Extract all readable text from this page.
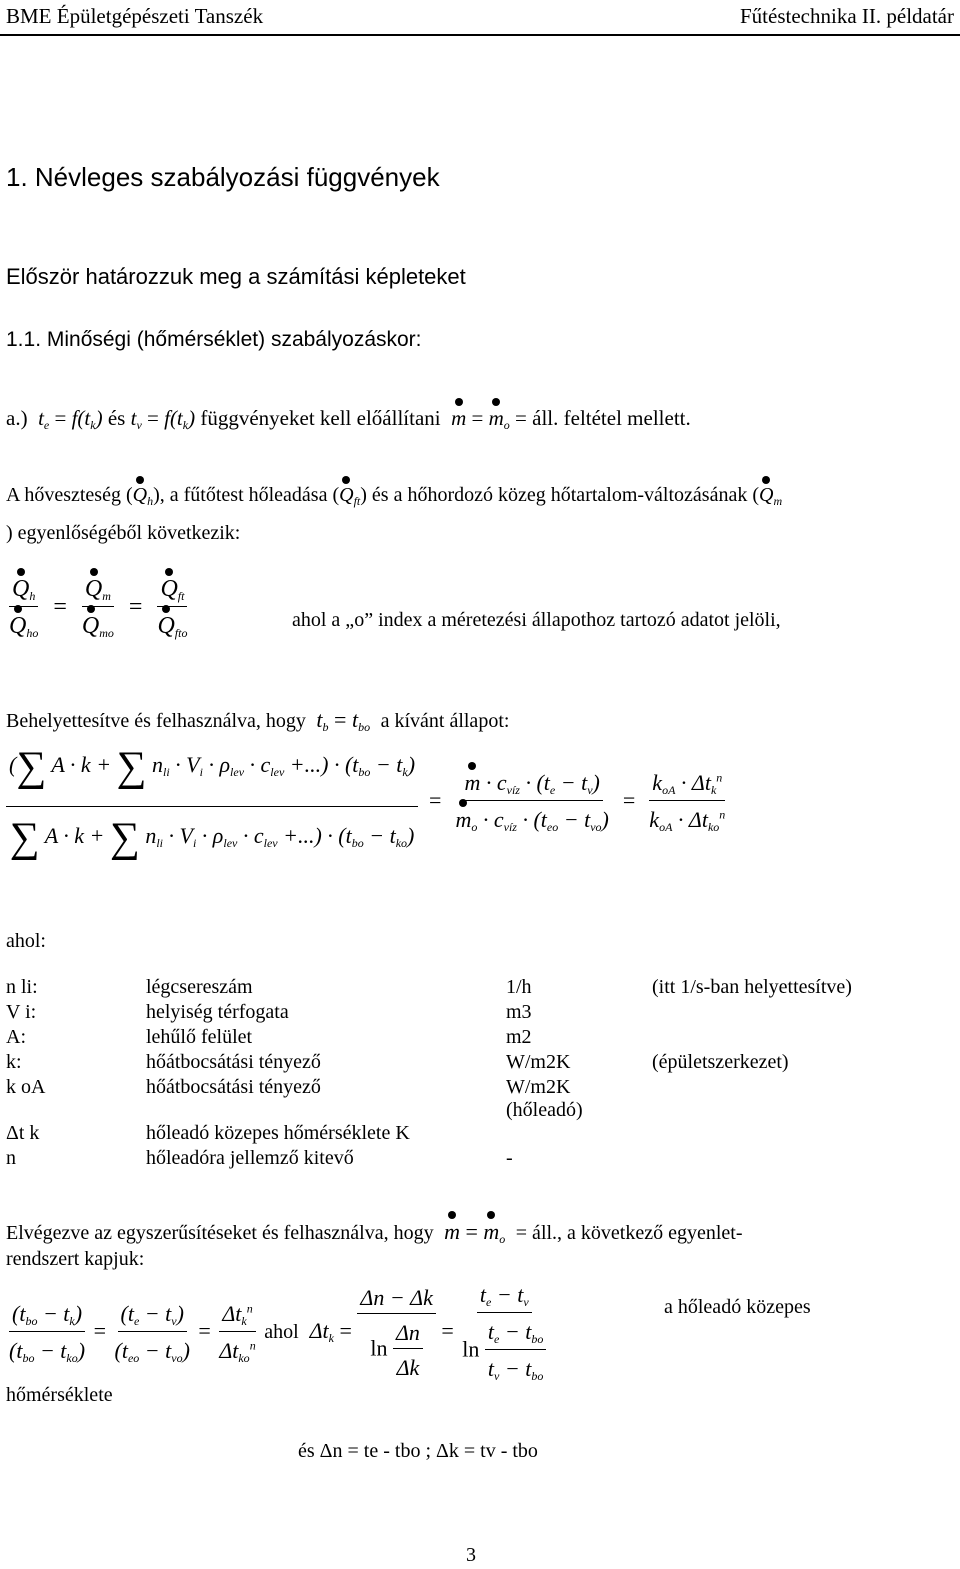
BME Épületgépészeti Tanszék	Fűtéstechnika II. példatár
1. Névleges szabályozási függvények
Először határozzuk meg a számítási képleteket
1.1. Minőségi (hőmérséklet) szabályozáskor:
a.)  $t_e = f(t_k)$ és $t_v = f(t_k)$ függvényeket kell előállítani $m = m_o$ = áll. feltétel mellett.
A hőveszteség $(Q_h)$, a fűtőtest hőleadása $(Q_{ft})$ és a hőhordozó közeg hőtartalom-változásának ($Q_m$
) egyenlőségéből következik:
$\frac{Q_h}{Q_{ho}} = \frac{Q_m}{Q_{mo}} = \frac{Q_{ft}}{Q_{fto}}$	ahol a „o” index a méretezési állapothoz tartozó adatot jelöli,
Behelyettesítve és felhasználva, hogy  $t_b = t_{bo}$ a kívánt állapot:
$\frac{(\sum A \cdot k + \sum n_{li} \cdot V_i \cdot \rho_{lev} \cdot c_{lev} +...) \cdot (t_{bo} - t_k)}{\sum A \cdot k + \sum n_{li} \cdot V_i \cdot \rho_{lev} \cdot c_{lev} +...) \cdot (t_{bo} - t_{ko})} = \frac{m \cdot c_{víz} \cdot (t_e - t_v)}{m_o \cdot c_{víz} \cdot (t_{eo} - t_{vo})} = \frac{k_{oA} \cdot \Delta t_k^n}{k_{oA} \cdot \Delta t_{ko}^n}$
ahol:
n li:	légcsereszám	1/h	(itt 1/s-ban helyettesítve)
V i:	helyiség térfogata	m3	
A:	lehűlő felület	m2	
k:	hőátbocsátási tényező	W/m2K	(épületszerkezet)
k oA	hőátbocsátási tényező	W/m2K (hőleadó)	
Δt k	hőleadó közepes hőmérséklete K		
n	hőleadóra jellemző kitevő	-	
Elvégezve az egyszerűsítéseket és felhasználva, hogy $m = m_o$ = áll., a következő egyenlet-
rendszert kapjuk:
$\frac{(t_{bo} - t_k)}{(t_{bo} - t_{ko})} = \frac{(t_e - t_v)}{(t_{eo} - t_{vo})} = \frac{\Delta t_k^n}{\Delta t_{ko}^n}$ ahol  $\Delta t_k = \frac{\Delta n - \Delta k}{\ln \frac{\Delta n}{\Delta k}} = \frac{t_e - t_v}{\ln \frac{t_e - t_{bo}}{t_v - t_{bo}}}$	a hőleadó közepes
hőmérséklete
és Δn = te - tbo ; Δk = tv - tbo
3
